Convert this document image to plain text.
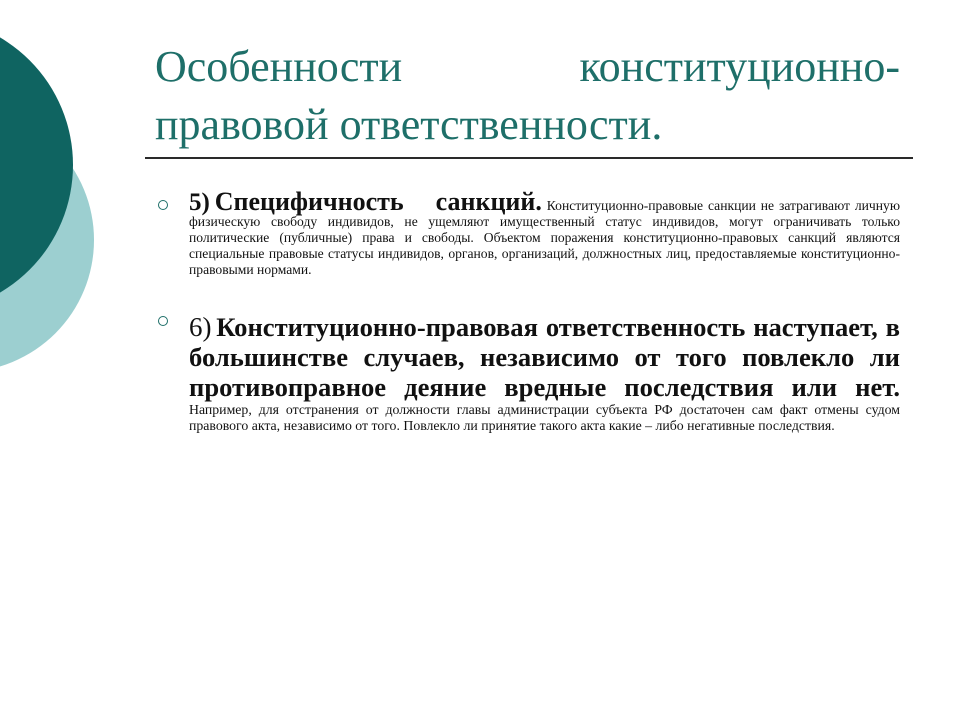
Особенности конституционно-правовой ответственности.
5) Специфичность санкций. Конституционно-правовые санкции не затрагивают личную физическую свободу индивидов, не ущемляют имущественный статус индивидов, могут ограничивать только политические (публичные) права и свободы. Объектом поражения конституционно-правовых санкций являются специальные правовые статусы индивидов, органов, организаций, должностных лиц, предоставляемые конституционно-правовыми нормами.
6) Конституционно-правовая ответственность наступает, в большинстве случаев, независимо от того повлекло ли противоправное деяние вредные последствия или нет. Например, для отстранения от должности главы администрации субъекта РФ достаточен сам факт отмены судом правового акта, независимо от того. Повлекло ли принятие такого акта какие – либо негативные последствия.
